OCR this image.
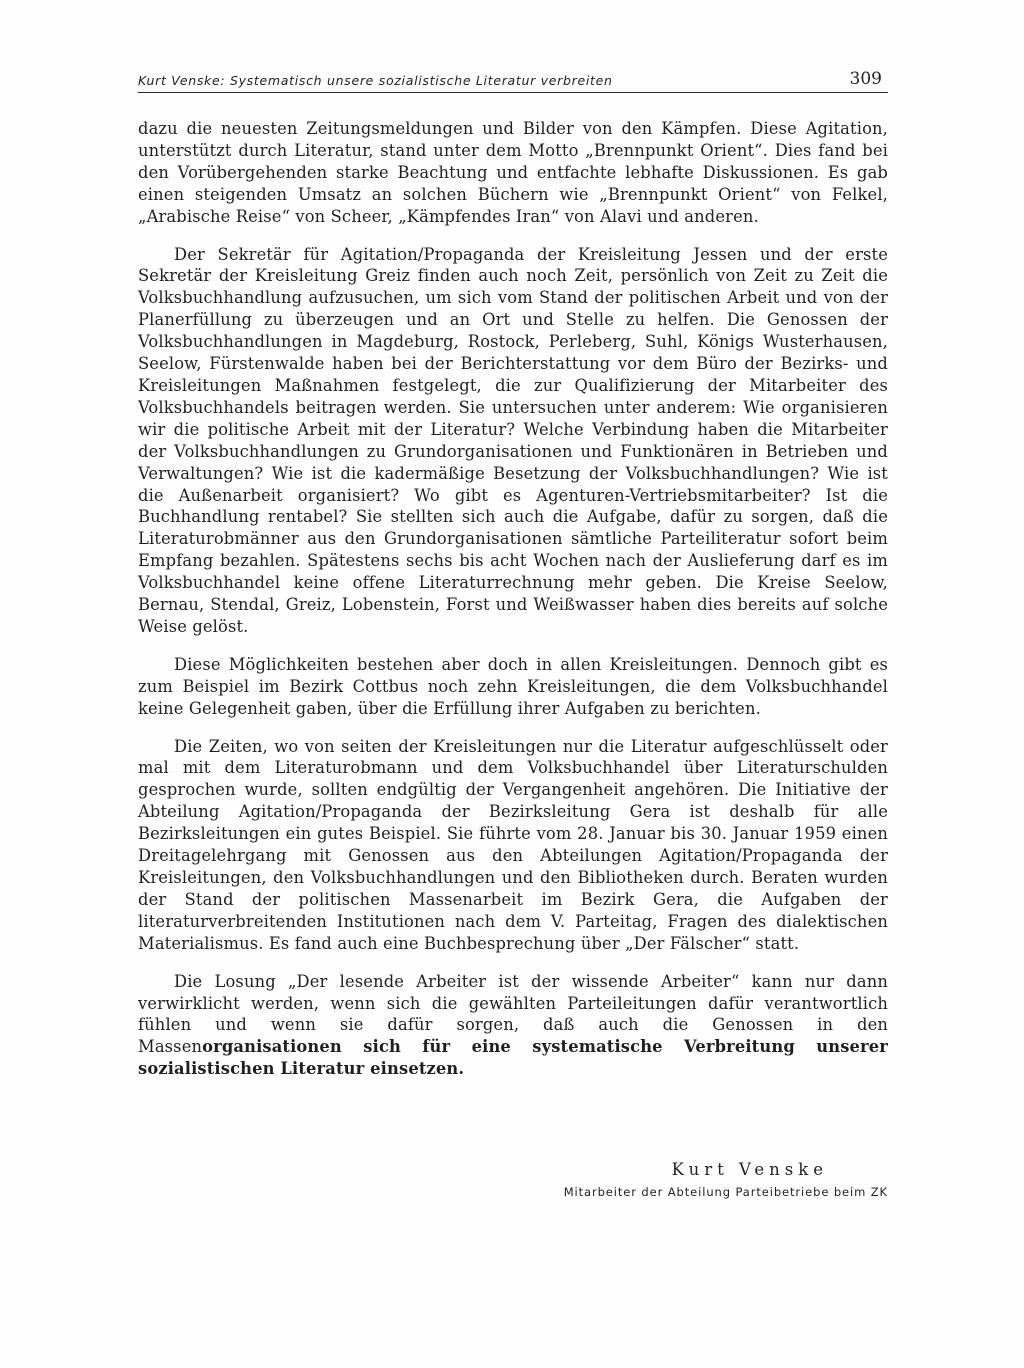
Kurt Venske: Systematisch unsere sozialistische Literatur verbreiten	309

dazu die neuesten Zeitungsmeldungen und Bilder von den Kämpfen. Diese Agitation, unterstützt durch Literatur, stand unter dem Motto „Brennpunkt Orient“. Dies fand bei den Vorübergehenden starke Beachtung und entfachte lebhafte Diskussionen. Es gab einen steigenden Umsatz an solchen Büchern wie „Brennpunkt Orient“ von Felkel, „Arabische Reise“ von Scheer, „Kämpfendes Iran“ von Alavi und anderen.

Der Sekretär für Agitation/Propaganda der Kreisleitung Jessen und der erste Sekretär der Kreisleitung Greiz finden auch noch Zeit, persönlich von Zeit zu Zeit die Volksbuchhandlung aufzusuchen, um sich vom Stand der politischen Arbeit und von der Planerfüllung zu überzeugen und an Ort und Stelle zu helfen. Die Genossen der Volksbuchhandlungen in Magdeburg, Rostock, Perleberg, Suhl, Königs Wusterhausen, Seelow, Fürstenwalde haben bei der Berichterstattung vor dem Büro der Bezirks- und Kreisleitungen Maßnahmen festgelegt, die zur Qualifizierung der Mitarbeiter des Volksbuchhandels beitragen werden. Sie untersuchen unter anderem: Wie organisieren wir die politische Arbeit mit der Literatur? Welche Verbindung haben die Mitarbeiter der Volksbuchhandlungen zu Grundorganisationen und Funktionären in Betrieben und Verwaltungen? Wie ist die kadermäßige Besetzung der Volksbuchhandlungen? Wie ist die Außenarbeit organisiert? Wo gibt es Agenturen-Vertriebsmitarbeiter? Ist die Buchhandlung rentabel? Sie stellten sich auch die Aufgabe, dafür zu sorgen, daß die Literaturobmänner aus den Grundorganisationen sämtliche Parteiliteratur sofort beim Empfang bezahlen. Spätestens sechs bis acht Wochen nach der Auslieferung darf es im Volksbuchhandel keine offene Literaturrechnung mehr geben. Die Kreise Seelow, Bernau, Stendal, Greiz, Lobenstein, Forst und Weißwasser haben dies bereits auf solche Weise gelöst.

Diese Möglichkeiten bestehen aber doch in allen Kreisleitungen. Dennoch gibt es zum Beispiel im Bezirk Cottbus noch zehn Kreisleitungen, die dem Volksbuchhandel keine Gelegenheit gaben, über die Erfüllung ihrer Aufgaben zu berichten.

Die Zeiten, wo von seiten der Kreisleitungen nur die Literatur aufgeschlüsselt oder mal mit dem Literaturobmann und dem Volksbuchhandel über Literaturschulden gesprochen wurde, sollten endgültig der Vergangenheit angehören. Die Initiative der Abteilung Agitation/Propaganda der Bezirksleitung Gera ist deshalb für alle Bezirksleitungen ein gutes Beispiel. Sie führte vom 28. Januar bis 30. Januar 1959 einen Dreitagelehrgang mit Genossen aus den Abteilungen Agitation/Propaganda der Kreisleitungen, den Volksbuchhandlungen und den Bibliotheken durch. Beraten wurden der Stand der politischen Massenarbeit im Bezirk Gera, die Aufgaben der literaturverbreitenden Institutionen nach dem V. Parteitag, Fragen des dialektischen Materialismus. Es fand auch eine Buchbesprechung über „Der Fälscher“ statt.

Die Losung „Der lesende Arbeiter ist der wissende Arbeiter“ kann nur dann verwirklicht werden, wenn sich die gewählten Parteileitungen dafür verantwortlich fühlen und wenn sie dafür sorgen, daß auch die Genossen in den Massenorganisationen sich für eine systematische Verbreitung unserer sozialistischen Literatur einsetzen.

Kurt Venske
Mitarbeiter der Abteilung Parteibetriebe beim ZK
